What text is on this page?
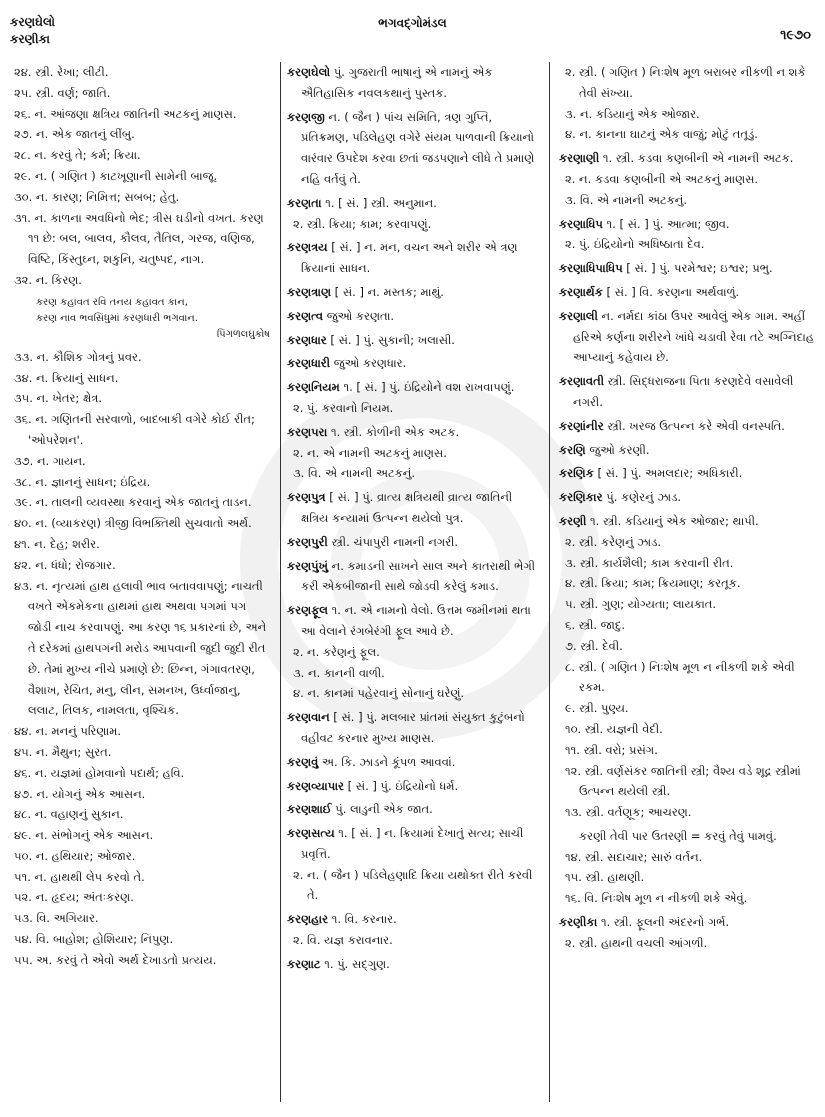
કરણઘેલો
કરણીકા
ભગવદ્ગોમંડલ
૧૯૭૦

૨૪. સ્ત્રી. રેખા; લીટી.

૨૫. સ્ત્રી. વર્ણ; જાતિ.

૨૬. ન. આંજણા ક્ષત્રિય જાતિની અટકનું માણસ.

૨૭. ન. એક જાતનું લીંબુ.

૨૮. ન. કરવું તે; કર્મ; ક્રિયા.

૨૯. ન. ( ગણિત ) કાટખૂણાની સામેની બાજૂ.

૩૦. ન. કારણ; નિમિત્ત; સબબ; હેતુ.

૩૧. ન. કાળના અવધિનો ભેદ; ત્રીસ ઘડીનો વખત. કરણ ૧૧ છે: બલ, બાલવ, કૌલવ, તૈતિલ, ગરજ, વણિજ, વિષ્ટિ, કિંસ્તુઘ્ન, શકુનિ, ચતુષ્પદ, નાગ.

૩૨. ન. કિરણ.

કરણ કહાવત રવિ તનય કહાવત કાન,
કરણ નાવ ભવસિંધુમાં કરણધારી ભગવાન.
પિંગળલઘુકોષ

૩૩. ન. કૌશિક ગોત્રનું પ્રવર.

૩૪. ન. ક્રિયાનું સાધન.

૩૫. ન. ખેતર; ક્ષેત્ર.

૩૬. ન. ગણિતની સરવાળો, બાદબાકી વગેરે કોઈ રીત; 'ઓપરેશન'.

૩૭. ન. ગાયન.

૩૮. ન. જ્ઞાનનું સાધન; ઇંદ્રિય.

૩૯. ન. તાલની વ્યવસ્થા કરવાનું એક જાતનું તાડન.

૪૦. ન. (વ્યાકરણ) ત્રીજી વિભક્તિથી સુચવાતો અર્થ.

૪૧. ન. દેહ; શરીર.

૪૨. ન. ધંધો; રોજગાર.

૪૩. ન. નૃત્યમાં હાથ હલાવી ભાવ બતાવવાપણું; નાચતી વખતે એકમેકના હાથમાં હાથ અથવા પગમાં પગ જોડી નાચ કરવાપણું. આ કરણ ૧૬ પ્રકારનાં છે, અને તે દરેકમાં હાથપગની મરોડ આપવાની જુદી જુદી રીત છે. તેમાં મુખ્ય નીચે પ્રમાણે છે: છિન્ન, ગંગાવતરણ, વૈશાખ, રેચિત, મનુ, લીન, સમનખ, ઉર્ધ્વાજાનુ, લલાટ, તિલક, નામલતા, વૃશ્ચિક.

૪૪. ન. મનનું પરિણામ.

૪૫. ન. મૈથુન; સુરત.

૪૬. ન. યજ્ઞમાં હોમવાનો પદાર્થ; હવિ.

૪૭. ન. યોગનું એક આસન.

૪૮. ન. વહાણનું સુકાન.

૪૯. ન. સંભોગનું એક આસન.

૫૦. ન. હથિયાર; ઓજાર.

૫૧. ન. હાથથી લેપ કરવો તે.

૫૨. ન. હૃદય; અંતઃકરણ.

૫૩. વિ. અગિયાર.

૫૪. વિ. બાહોશ; હોશિયાર; નિપુણ.

૫૫. અ. કરવું તે એવો અર્થ દેખાડતો પ્રત્યય.

કરણઘેલો પું. ગુજરાતી ભાષાનું એ નામનું એક ઐતિહાસિક નવલકથાનું પુસ્તક.

કરણજી ન. ( જૈન ) પાંચ સમિતિ, ત્રણ ગુપ્તિ, પ્રતિક્રમણ, પડિલેહણ વગેરે સંયમ પાળવાની ક્રિયાનો વારંવાર ઉપદેશ કરવા છતાં જડપણાને લીધે તે પ્રમાણે નહિ વર્તવું તે.

કરણતા ૧. [ સં. ] સ્ત્રી. અનુમાન.

૨. સ્ત્રી. ક્રિયા; કામ; કરવાપણું.

કરણત્રય [ સં. ] ન. મન, વચન અને શરીર એ ત્રણ ક્રિયાનાં સાધન.

કરણત્રાણ [ સં. ] ન. મસ્તક; માથું.

કરણત્વ જુઓ કરણતા.

કરણધાર [ સં. ] પું. સુકાની; ખલાસી.

કરણધારી જુઓ કરણધાર.

કરણનિયમ ૧. [ સં. ] પું. ઇંદ્રિયોને વશ રાખવાપણું.

૨. પું. કરવાનો નિયમ.

કરણપરા ૧. સ્ત્રી. કોળીની એક અટક.

૨. ન. એ નામની અટકનું માણસ.

૩. વિ. એ નામની અટકનું.

કરણપુત્ર [ સં. ] પું. વ્રાત્ય ક્ષત્રિયથી વ્રાત્ય જાતિની ક્ષત્રિય કન્યામાં ઉત્પન્ન થયેલો પુત્ર.

કરણપુરી સ્ત્રી. ચંપાપુરી નામની નગરી.

કરણપુંખું ન. કમાડની સાખને સાલ અને કાતરાથી ભેગી કરી એકબીજાની સાથે જોડવી કરેલું કમાડ.

કરણફૂલ ૧. ન. એ નામનો વેલો. ઉત્તમ જમીનમાં થતા આ વેલાને રંગબેરંગી ફૂલ આવે છે.

૨. ન. કરેણનું ફૂલ.

૩. ન. કાનની વાળી.

૪. ન. કાનમાં પહેરવાનું સોનાનું ઘરેણું.

કરણવાન [ સં. ] પું. મલબાર પ્રાંતમાં સંયુક્ત કુટુંબનો વહીવટ કરનાર મુખ્ય માણસ.

કરણવું અ. કિ. ઝાડને કૂંપળ આવવાં.

કરણવ્યાપાર [ સં. ] પું. ઇંદ્રિયોનો ધર્મ.

કરણશાઈ પું. લાડુની એક જાત.

કરણસત્ય ૧. [ સં. ] ન. ક્રિયામાં દેખાતું સત્ય; સાચી પ્રવૃત્તિ.

૨. ન. ( જૈન ) પડિલેહણાદિ ક્રિયા યથોક્ત રીતે કરવી તે.

કરણહાર ૧. વિ. કરનાર.

૨. વિ. યજ્ઞ કરાવનાર.

કરણાટ ૧. પું. સદ્ગુણ.

૨. સ્ત્રી. ( ગણિત ) નિઃશેષ મૂળ બરાબર નીકળી ન શકે તેવી સંખ્યા.

૩. ન. કડિયાનું એક ઓજાર.

૪. ન. કાનના ઘાટનું એક વાજું; મોટું તતૂડું.

કરણાણી ૧. સ્ત્રી. કડવા કણબીની એ નામની અટક.

૨. ન. કડવા કણબીની એ અટકનું માણસ.

૩. વિ. એ નામની અટકનું.

કરણાધિપ ૧. [ સં. ] પું. આત્મા; જીવ.

૨. પું. ઇંદ્રિયોનો અધિષ્ઠાતા દેવ.

કરણાધિપાધિપ [ સં. ] પું. પરમેશ્વર; ઇશ્વર; પ્રભુ.

કરણાર્થક [ સં. ] વિ. કરણના અર્થવાળું.

કરણાલી ન. નર્મદા કાંઠા ઉપર આવેલું એક ગામ. અહીં હરિએ કર્ણના શરીરને ખાંધે ચડાવી રેવા તટે અગ્નિદાહ આપ્યાનું કહેવાય છે.

કરણાવતી સ્ત્રી. સિદ્ધરાજના પિતા કરણદેવે વસાવેલી નગરી.

કરણાંનીર સ્ત્રી. ખરજ ઉત્પન્ન કરે એવી વનસ્પતિ.

કરણિ જુઓ કરણી.

કરણિક [ સં. ] પું. અમલદાર; અધિકારી.

કરણિકાર પું. કણેરનું ઝાડ.

કરણી ૧. સ્ત્રી. કડિયાનું એક ઓજાર; થાપી.

૨. સ્ત્રી. કરેણનું ઝાડ.

૩. સ્ત્રી. કાર્યશૈલી; કામ કરવાની રીત.

૪. સ્ત્રી. ક્રિયા; કામ; ક્રિયમાણ; કરતૂક.

૫. સ્ત્રી. ગુણ; યોગ્યતા; લાયકાત.

૬. સ્ત્રી. જાદુ.

૭. સ્ત્રી. દેવી.

૮. સ્ત્રી. ( ગણિત ) નિઃશેષ મૂળ ન નીકળી શકે એવી રકમ.

૯. સ્ત્રી. પુણ્ય.

૧૦. સ્ત્રી. યજ્ઞની વેદી.

૧૧. સ્ત્રી. વરો; પ્રસંગ.

૧૨. સ્ત્રી. વર્ણસંકર જાતિની સ્ત્રી; વૈશ્ય વડે શૂદ્ર સ્ત્રીમાં ઉત્પન્ન થયેલી સ્ત્રી.

૧૩. સ્ત્રી. વર્તણૂક; આચરણ.

કરણી તેવી પાર ઉતરણી = કરવું તેવું પામવું.

૧૪. સ્ત્રી. સદાચાર; સારું વર્તન.

૧૫. સ્ત્રી. હાથણી.

૧૬. વિ. નિઃશેષ મૂળ ન નીકળી શકે એવું.

કરણીકા ૧. સ્ત્રી. ફૂલની અંદરનો ગર્ભ.

૨. સ્ત્રી. હાથની વચલી આંગળી.
